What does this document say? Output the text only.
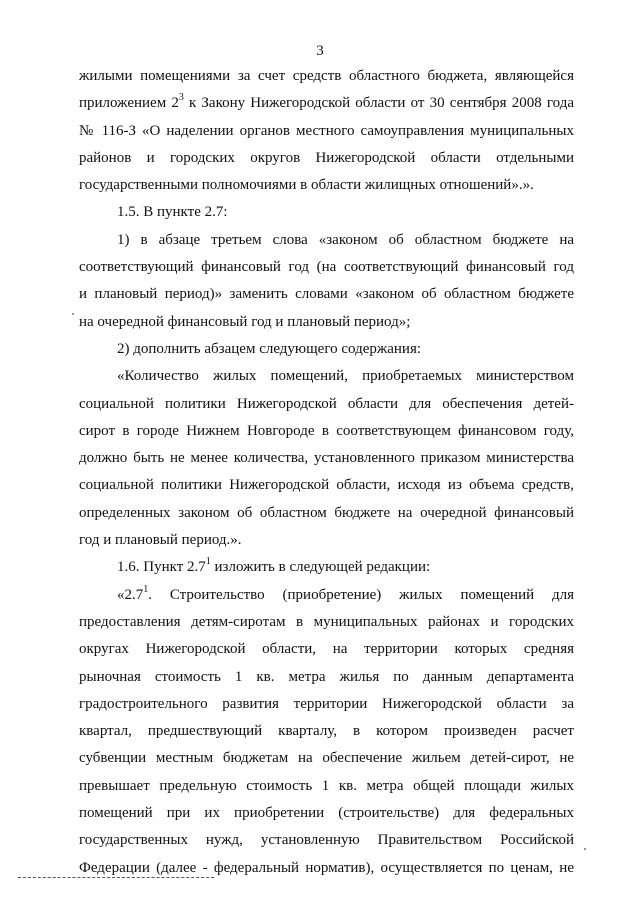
3
жилыми помещениями за счет средств областного бюджета, являющейся
приложением $2^3$ к Закону Нижегородской области от 30 сентября 2008 года
№ 116-З «О наделении органов местного самоуправления муниципальных
районов и городских округов Нижегородской области отдельными
государственными полномочиями в области жилищных отношений».».
1.5. В пункте 2.7:
1) в абзаце третьем слова «законом об областном бюджете на
соответствующий финансовый год (на соответствующий финансовый год
и плановый период)» заменить словами «законом об областном бюджете
на очередной финансовый год и плановый период»;
2) дополнить абзацем следующего содержания:
«Количество жилых помещений, приобретаемых министерством
социальной политики Нижегородской области для обеспечения детей-
сирот в городе Нижнем Новгороде в соответствующем финансовом году,
должно быть не менее количества, установленного приказом министерства
социальной политики Нижегородской области, исходя из объема средств,
определенных законом об областном бюджете на очередной финансовый
год и плановый период.».
1.6. Пункт $2.7^1$ изложить в следующей редакции:
«$2.7^1$. Строительство (приобретение) жилых помещений для
предоставления детям-сиротам в муниципальных районах и городских
округах Нижегородской области, на территории которых средняя
рыночная стоимость 1 кв. метра жилья по данным департамента
градостроительного развития территории Нижегородской области за
квартал, предшествующий кварталу, в котором произведен расчет
субвенции местным бюджетам на обеспечение жильем детей-сирот, не
превышает предельную стоимость 1 кв. метра общей площади жилых
помещений при их приобретении (строительстве) для федеральных
государственных нужд, установленную Правительством Российской
Федерации (далее - федеральный норматив), осуществляется по ценам, не
